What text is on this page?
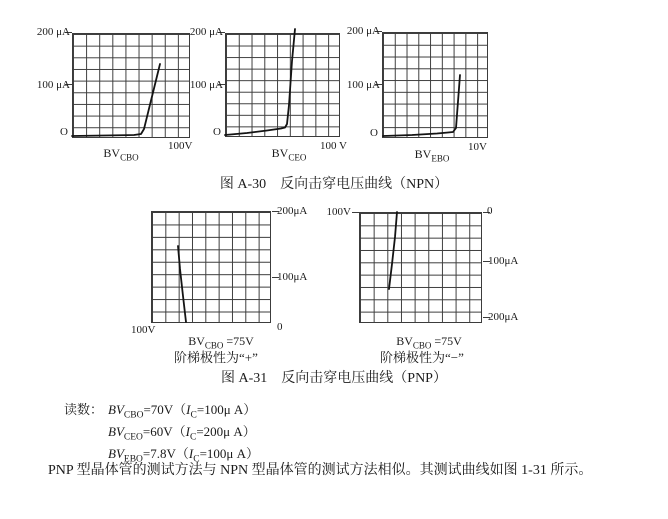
200 μA
100 μA
O
100V
$BV_{CBO}$
200 μA
100 μA
O
100 V
$BV_{CEO}$
200 μA
100 μA
O
10V
$BV_{EBO}$
图 A-30　反向击穿电压曲线（NPN）
200μA
100μA
0
100V
$BV_{CBO} =75V$
阶梯极性为“+”
100V	0
100μA
200μA
$BV_{CBO} =75V$
阶梯极性为“−”
图 A-31　反向击穿电压曲线（PNP）
读数： $BV_{CBO}=70V(I_C=100\mu$ A）
$BV_{CEO}=60V(I_C=200\mu$ A）
$BV_{EBO}=7.8V(I_C=100\mu$ A）
PNP 型晶体管的测试方法与 NPN 型晶体管的测试方法相似。其测试曲线如图 1-31 所示。
